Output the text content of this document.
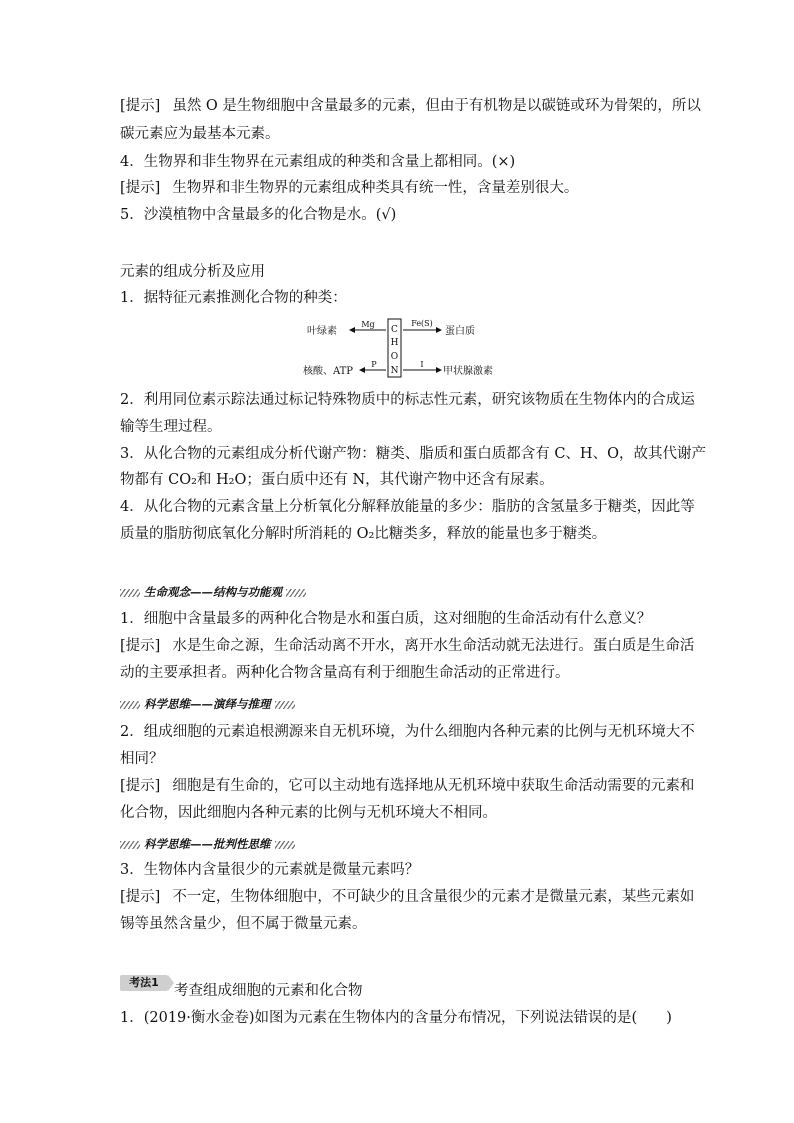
[提示] 虽然 O 是生物细胞中含量最多的元素，但由于有机物是以碳链或环为骨架的，所以
碳元素应为最基本元素。
4．生物界和非生物界在元素组成的种类和含量上都相同。(×)
[提示] 生物界和非生物界的元素组成种类具有统一性，含量差别很大。
5．沙漠植物中含量最多的化合物是水。(√)
元素的组成分析及应用
1．据特征元素推测化合物的种类：
C
H
O
N
Mg
叶绿素
Fe(S)
蛋白质
P
核酸、ATP
I
甲状腺激素
2．利用同位素示踪法通过标记特殊物质中的标志性元素，研究该物质在生物体内的合成运
输等生理过程。
3．从化合物的元素组成分析代谢产物：糖类、脂质和蛋白质都含有 C、H、O，故其代谢产
物都有 CO₂和 H₂O；蛋白质中还有 N，其代谢产物中还含有尿素。
4．从化合物的元素含量上分析氧化分解释放能量的多少：脂肪的含氢量多于糖类，因此等
质量的脂肪彻底氧化分解时所消耗的 O₂比糖类多，释放的能量也多于糖类。
生命观念——结构与功能观
1．细胞中含量最多的两种化合物是水和蛋白质，这对细胞的生命活动有什么意义？
[提示] 水是生命之源，生命活动离不开水，离开水生命活动就无法进行。蛋白质是生命活
动的主要承担者。两种化合物含量高有利于细胞生命活动的正常进行。
科学思维——演绎与推理
2．组成细胞的元素追根溯源来自无机环境，为什么细胞内各种元素的比例与无机环境大不
相同？
[提示] 细胞是有生命的，它可以主动地有选择地从无机环境中获取生命活动需要的元素和
化合物，因此细胞内各种元素的比例与无机环境大不相同。
科学思维——批判性思维
3．生物体内含量很少的元素就是微量元素吗？
[提示] 不一定，生物体细胞中，不可缺少的且含量很少的元素才是微量元素，某些元素如
锡等虽然含量少，但不属于微量元素。
考法1
考查组成细胞的元素和化合物
1．(2019·衡水金卷)如图为元素在生物体内的含量分布情况，下列说法错误的是(　　)
